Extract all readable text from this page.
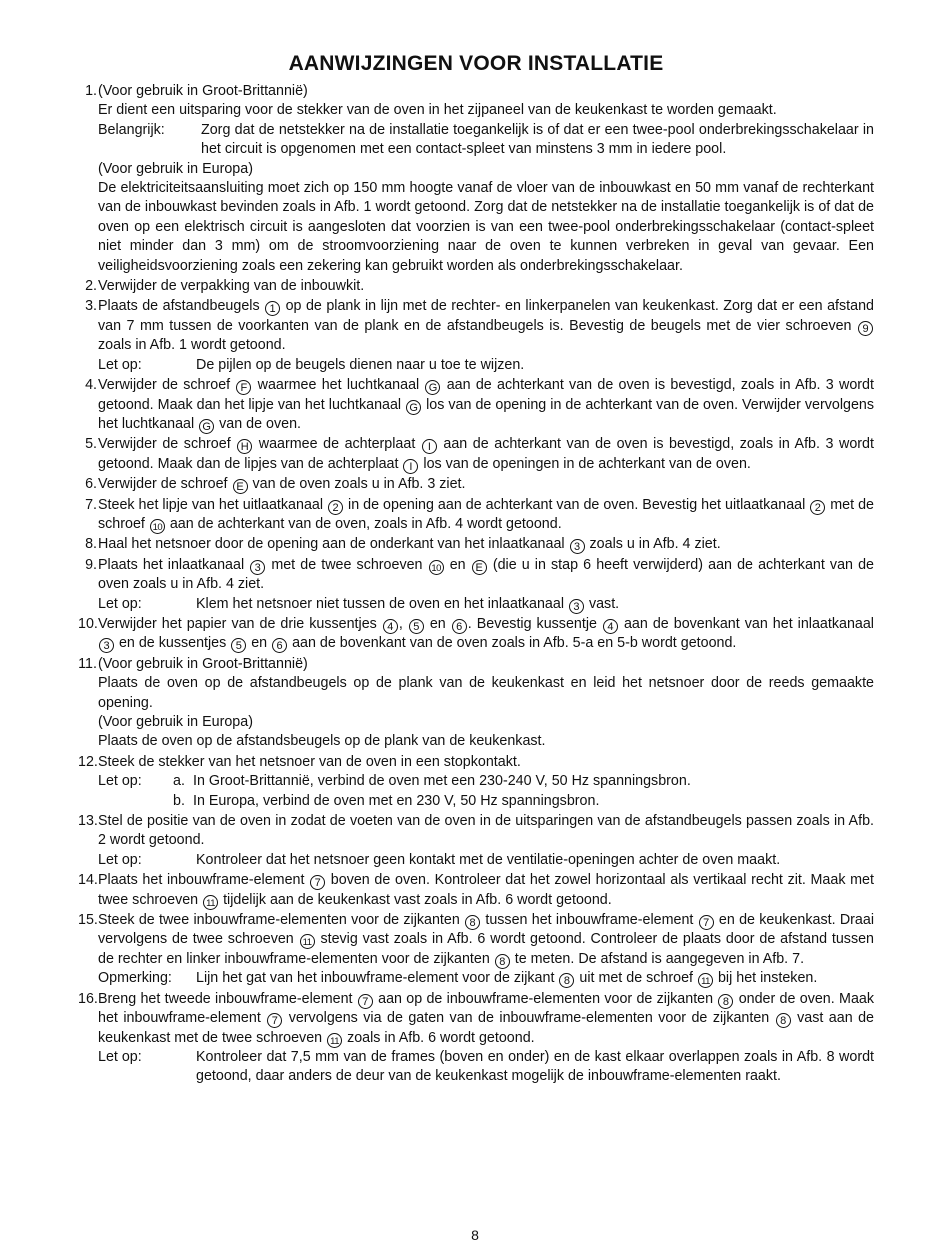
AANWIJZINGEN VOOR INSTALLATIE
1. (Voor gebruik in Groot-Brittannië)

Er dient een uitsparing voor de stekker van de oven in het zijpaneel van de keukenkast te worden gemaakt.

Belangrijk:	Zorg dat de netstekker na de installatie toegankelijk is of dat er een twee-pool onderbrekingsschakelaar in het circuit is opgenomen met een contact-spleet van minstens 3 mm in iedere pool.

(Voor gebruik in Europa)

De elektriciteitsaansluiting moet zich op 150 mm hoogte vanaf de vloer van de inbouwkast en 50 mm vanaf de rechterkant van de inbouwkast bevinden zoals in Afb. 1 wordt getoond. Zorg dat de netstekker na de installatie toegankelijk is of dat de oven op een elektrisch circuit is aangesloten dat voorzien is van een twee-pool onderbrekingsschakelaar (contact-spleet niet minder dan 3 mm) om de stroomvoorziening naar de oven te kunnen verbreken in geval van gevaar. Een veiligheidsvoorziening zoals een zekering kan gebruikt worden als onderbrekingsschakelaar.

2. Verwijder de verpakking van de inbouwkit.

3. Plaats de afstandbeugels 1 op de plank in lijn met de rechter- en linkerpanelen van keukenkast. Zorg dat er een afstand van 7 mm tussen de voorkanten van de plank en de afstandbeugels is. Bevestig de beugels met de vier schroeven 9 zoals in Afb. 1 wordt getoond.

Let op:	De pijlen op de beugels dienen naar u toe te wijzen.
4. Verwijder de schroef F waarmee het luchtkanaal G aan de achterkant van de oven is bevestigd, zoals in Afb. 3 wordt getoond. Maak dan het lipje van het luchtkanaal G los van de opening in de achterkant van de oven. Verwijder vervolgens het luchtkanaal G van de oven.

5. Verwijder de schroef H waarmee de achterplaat I aan de achterkant van de oven is bevestigd, zoals in Afb. 3 wordt getoond. Maak dan de lipjes van de achterplaat I los van de openingen in de achterkant van de oven.

6. Verwijder de schroef E van de oven zoals u in Afb. 3 ziet.

7. Steek het lipje van het uitlaatkanaal 2 in de opening aan de achterkant van de oven. Bevestig het uitlaatkanaal 2 met de schroef 10 aan de achterkant van de oven, zoals in Afb. 4 wordt getoond.

8. Haal het netsnoer door de opening aan de onderkant van het inlaatkanaal 3 zoals u in Afb. 4 ziet.

9. Plaats het inlaatkanaal 3 met de twee schroeven 10 en E (die u in stap 6 heeft verwijderd) aan de achterkant van de oven zoals u in Afb. 4 ziet.

Let op:	Klem het netsnoer niet tussen de oven en het inlaatkanaal 3 vast.
10. Verwijder het papier van de drie kussentjes 4 , 5 en 6 . Bevestig kussentje 4 aan de bovenkant van het inlaatkanaal 3 en de kussentjes 5 en 6 aan de bovenkant van de oven zoals in Afb. 5-a en 5-b wordt getoond.

11. (Voor gebruik in Groot-Brittannië)

Plaats de oven op de afstandbeugels op de plank van de keukenkast en leid het netsnoer door de reeds gemaakte opening.

(Voor gebruik in Europa)

Plaats de oven op de afstandsbeugels op de plank van de keukenkast.

12. Steek de stekker van het netsnoer van de oven in een stopkontakt.

Let op:	a. In Groot-Brittannië, verbind de oven met een 230-240 V, 50 Hz spanningsbron.
b. In Europa, verbind de oven met en 230 V, 50 Hz spanningsbron.
13. Stel de positie van de oven in zodat de voeten van de oven in de uitsparingen van de afstandbeugels passen zoals in Afb. 2 wordt getoond.

Let op:	Kontroleer dat het netsnoer geen kontakt met de ventilatie-openingen achter de oven maakt.
14. Plaats het inbouwframe-element 7 boven de oven. Kontroleer dat het zowel horizontaal als vertikaal recht zit. Maak met twee schroeven 11 tijdelijk aan de keukenkast vast zoals in Afb. 6 wordt getoond.

15. Steek de twee inbouwframe-elementen voor de zijkanten 8 tussen het inbouwframe-element 7 en de keukenkast. Draai vervolgens de twee schroeven 11 stevig vast zoals in Afb. 6 wordt getoond. Controleer de plaats door de afstand tussen de rechter en linker inbouwframe-elementen voor de zijkanten 8 te meten. De afstand is aangegeven in Afb. 7.

Opmerking:	Lijn het gat van het inbouwframe-element voor de zijkant 8 uit met de schroef 11 bij het insteken.
16. Breng het tweede inbouwframe-element 7 aan op de inbouwframe-elementen voor de zijkanten 8 onder de oven. Maak het inbouwframe-element 7 vervolgens via de gaten van de inbouwframe-elementen voor de zijkanten 8 vast aan de keukenkast met de twee schroeven 11 zoals in Afb. 6 wordt getoond.

Let op:	Kontroleer dat 7,5 mm van de frames (boven en onder) en de kast elkaar overlappen zoals in Afb. 8 wordt getoond, daar anders de deur van de keukenkast mogelijk de inbouwframe-elementen raakt.
8
